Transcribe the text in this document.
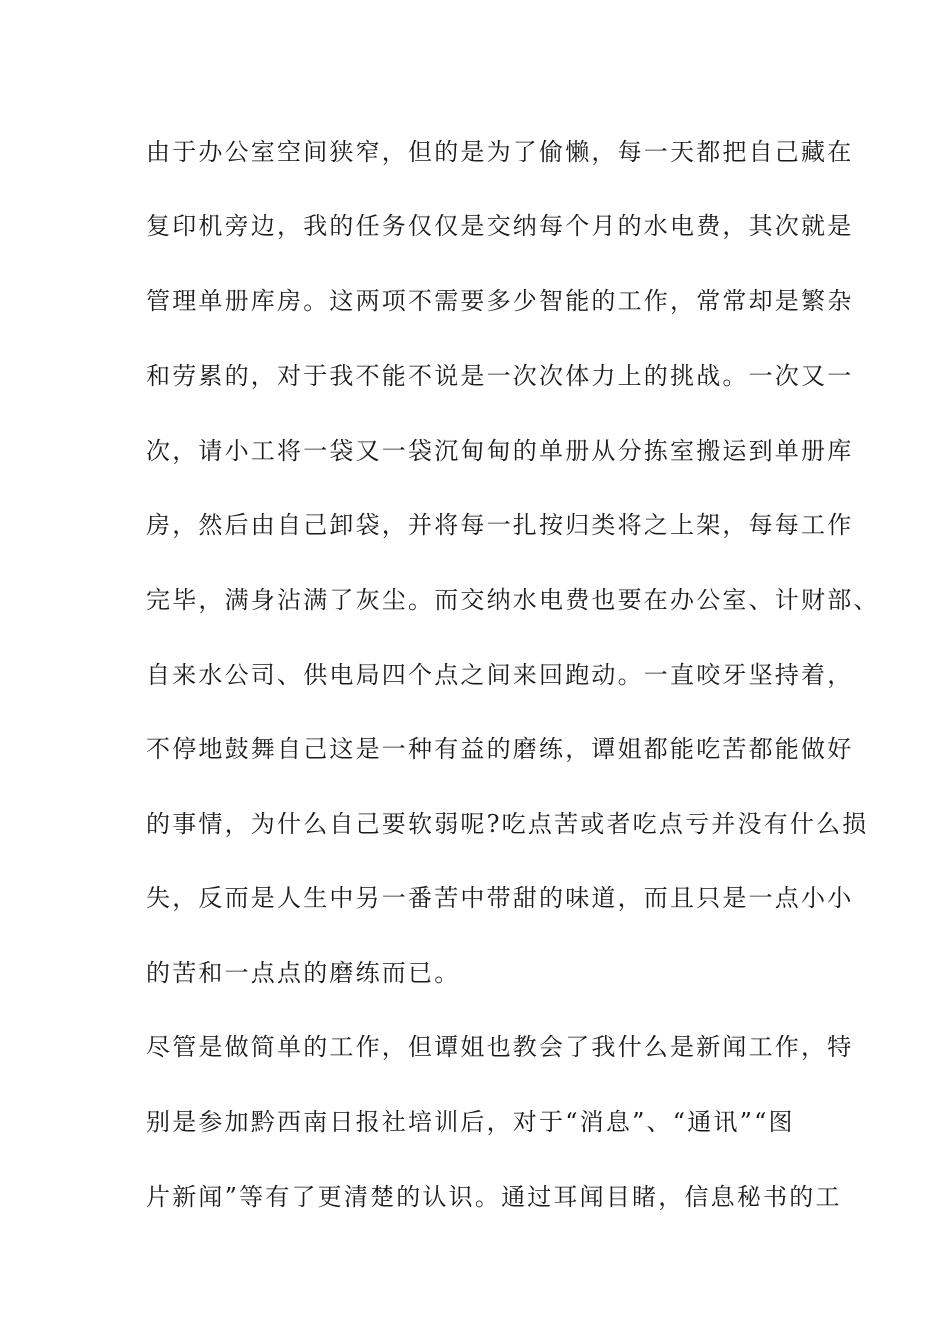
由于办公室空间狭窄，但的是为了偷懒，每一天都把自己藏在
复印机旁边，我的任务仅仅是交纳每个月的水电费，其次就是
管理单册库房。这两项不需要多少智能的工作，常常却是繁杂
和劳累的，对于我不能不说是一次次体力上的挑战。一次又一
次，请小工将一袋又一袋沉甸甸的单册从分拣室搬运到单册库
房，然后由自己卸袋，并将每一扎按归类将之上架，每每工作
完毕，满身沾满了灰尘。而交纳水电费也要在办公室、计财部、
自来水公司、供电局四个点之间来回跑动。一直咬牙坚持着，
不停地鼓舞自己这是一种有益的磨练，谭姐都能吃苦都能做好
的事情，为什么自己要软弱呢?吃点苦或者吃点亏并没有什么损
失，反而是人生中另一番苦中带甜的味道，而且只是一点小小
的苦和一点点的磨练而已。
尽管是做简单的工作，但谭姐也教会了我什么是新闻工作，特
别是参加黔西南日报社培训后，对于“消息”、“通讯”“图
片新闻”等有了更清楚的认识。通过耳闻目睹，信息秘书的工
